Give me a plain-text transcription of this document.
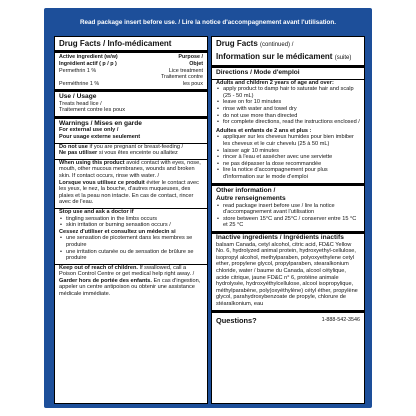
Read package insert before use. / Lire la notice d'accompagnement avant l'utilisation.
Drug Facts / Info-médicament
Active ingredient (w/w)	Purpose /
Ingrédient actif ( p / p )	Objet
Permethrin 1 %	Lice treatment
Traitement contre
Perméthrine 1 %	les poux
Use / Usage
Treats head lice /
Traitement contre les poux
Warnings / Mises en garde
For external use only /
Pour usage externe seulement
Do not use if you are pregnant or breast-feeding /
Ne pas utiliser si vous êtes enceinte ou allaitez
When using this product avoid contact with eyes, nose, mouth, other mucous membranes, wounds and broken skin. If contact occurs, rinse with water. /
Lorsque vous utilisez ce produit éviter le contact avec les yeux, le nez, la bouche, d'autres muqueuses, des plaies et la peau non intacte. En cas de contact, rincer avec de l'eau.
Stop use and ask a doctor if
• tingling sensation in the limbs occurs
• skin irritation or burning sensation occurs /
Cessez d'utiliser et consultez un médecin si
• une sensation de picotement dans les membres se produire
• une irritation cutanée ou de sensation de brûlure se produire
Keep out of reach of children. If swallowed, call a Poison Control Centre or get medical help right away. /
Garder hors de portée des enfants. En cas d'ingestion, appeler un centre antipoison ou obtenir une assistance médicale immédiate.
Drug Facts (continued) /
Information sur le médicament (suite)
Directions / Mode d'emploi
Adults and children 2 years of age and over:
• apply product to damp hair to saturate hair and scalp (25 - 50 mL)
• leave on for 10 minutes
• rinse with water and towel dry
• do not use more than directed
• for complete directions, read the instructions enclosed /
Adultes et enfants de 2 ans et plus :
• appliquer sur les cheveux humides pour bien imbiber les cheveux et le cuir chevelu (25 à 50 mL)
• laisser agir 10 minutes
• rincer à l'eau et assécher avec une serviette
• ne pas dépasser la dose recommandée
• lire la notice d'accompagnement pour plus d'information sur le mode d'emploi
Other information /
Autre renseignements
• read package insert before use / lire la notice d'accompagnement avant l'utilisation
• store between 15°C and 25°C / conserver entre 15 °C et 25 °C
Inactive ingredients / Ingrédients inactifs balsam Canada, cetyl alcohol, citric acid, FD&C Yellow No. 6, hydrolyzed animal protein, hydroxyethyl-cellulose, isopropyl alcohol, methylparaben, polyoxyethylene cetyl ether, propylene glycol, propylparaben, stearalkonium chloride, water / baume du Canada, alcool cétylique, acide citrique, jaune FD&C n° 6, protéine animale hydrolysée, hydroxyéthylcellulose, alcool isopropylique, méthylparabène, poly(oxyéthylène) cétyl éther, propylène glycol, parahydroxybenzoate de propyle, chlorure de stéaralkonium, eau
Questions?	1-888-542-3546
